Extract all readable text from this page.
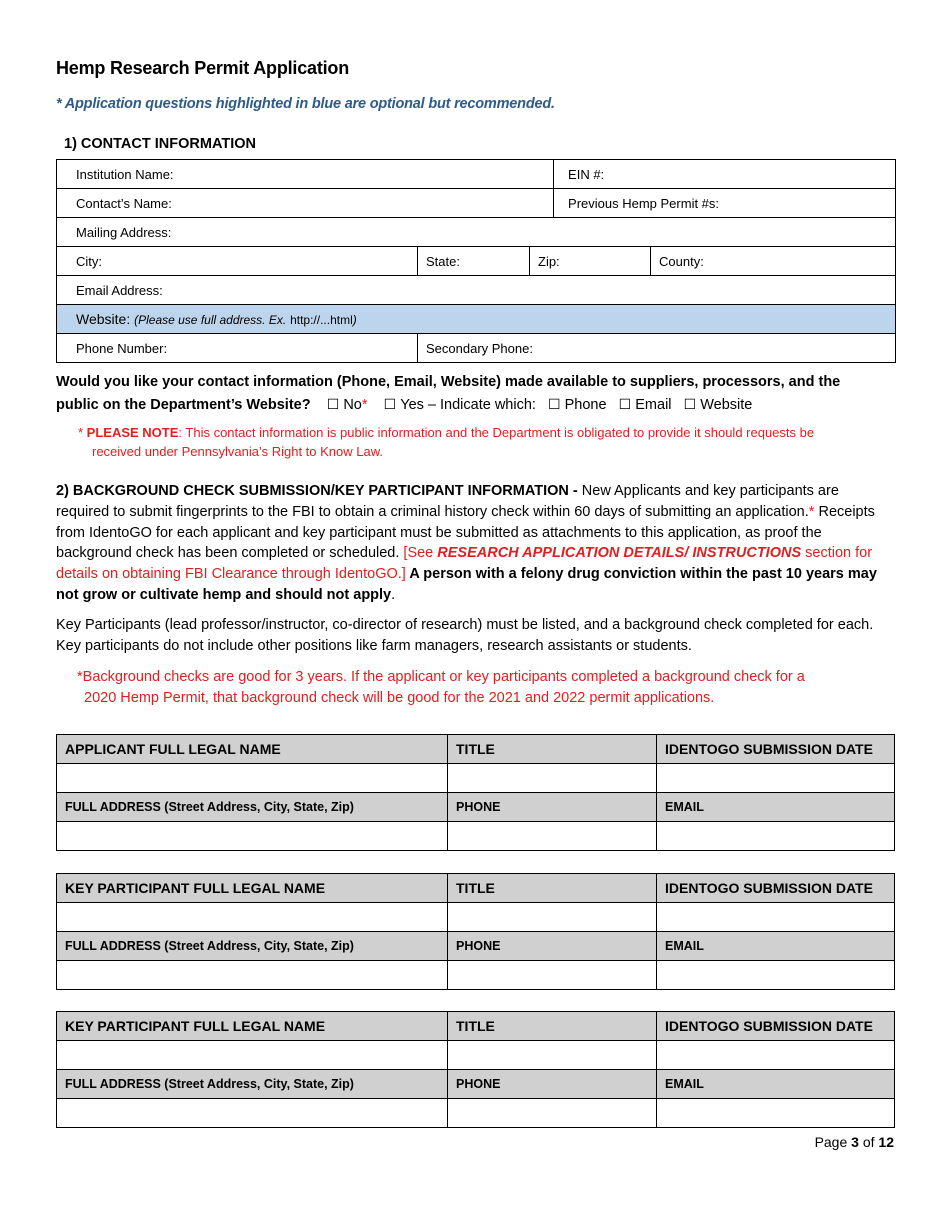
Hemp Research Permit Application
* Application questions highlighted in blue are optional but recommended.
1) CONTACT INFORMATION
Institution Name:			EIN #:	
Contact’s Name:			Previous Hemp Permit #s:	
Mailing Address:				
City:	State:	Zip:		County:
Email Address:				
Website: (Please use full address. Ex. http://...html)				
Phone Number:	Secondary Phone:			
Would you like your contact information (Phone, Email, Website) made available to suppliers, processors, and the
public on the Department’s Website? ☐ No* ☐ Yes – Indicate which: ☐ Phone ☐ Email ☐ Website
* PLEASE NOTE: This contact information is public information and the Department is obligated to provide it should requests be
received under Pennsylvania’s Right to Know Law.
2) BACKGROUND CHECK SUBMISSION/KEY PARTICIPANT INFORMATION - New Applicants and key participants are required to submit fingerprints to the FBI to obtain a criminal history check within 60 days of submitting an application.* Receipts from IdentoGO for each applicant and key participant must be submitted as attachments to this application, as proof the background check has been completed or scheduled. [See RESEARCH APPLICATION DETAILS/ INSTRUCTIONS section for details on obtaining FBI Clearance through IdentoGO.] A person with a felony drug conviction within the past 10 years may not grow or cultivate hemp and should not apply.
Key Participants (lead professor/instructor, co-director of research) must be listed, and a background check completed for each. Key participants do not include other positions like farm managers, research assistants or students.
*Background checks are good for 3 years. If the applicant or key participants completed a background check for a
2020 Hemp Permit, that background check will be good for the 2021 and 2022 permit applications.
APPLICANT FULL LEGAL NAME	TITLE	IDENTOGO SUBMISSION DATE

FULL ADDRESS (Street Address, City, State, Zip)	PHONE	EMAIL

KEY PARTICIPANT FULL LEGAL NAME	TITLE	IDENTOGO SUBMISSION DATE

FULL ADDRESS (Street Address, City, State, Zip)	PHONE	EMAIL

KEY PARTICIPANT FULL LEGAL NAME	TITLE	IDENTOGO SUBMISSION DATE

FULL ADDRESS (Street Address, City, State, Zip)	PHONE	EMAIL

Page 3 of 12
